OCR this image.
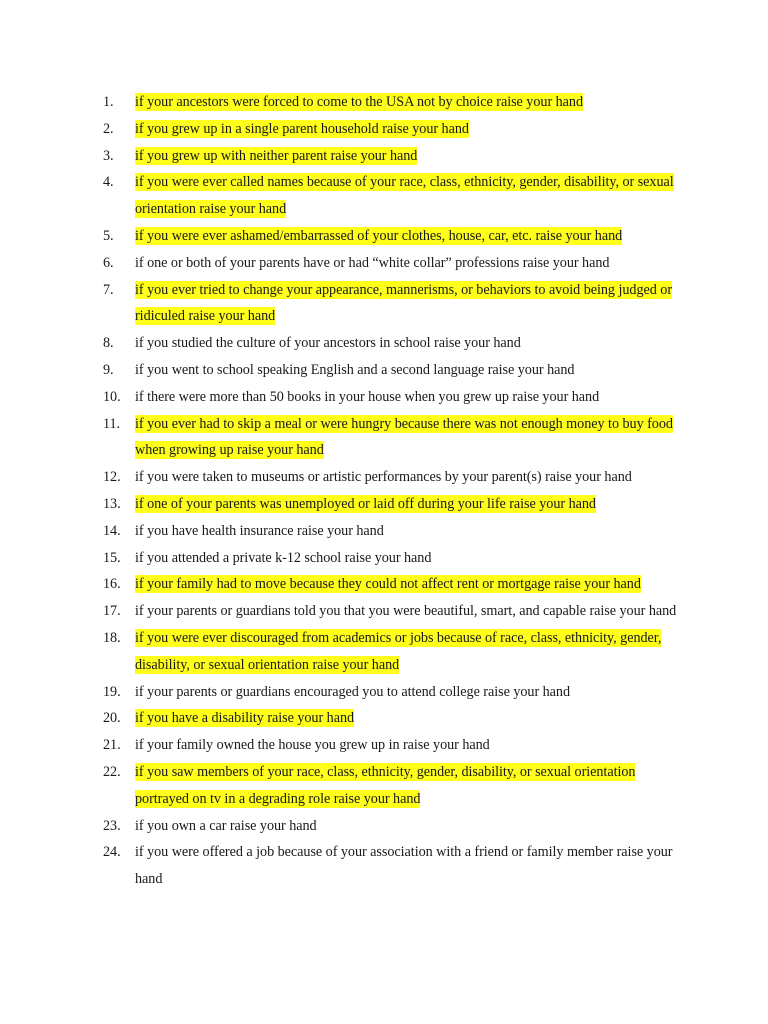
1.	if your ancestors were forced to come to the USA not by choice raise your hand
2.	if you grew up in a single parent household raise your hand
3.	if you grew up with neither parent raise your hand
4.	if you were ever called names because of your race, class, ethnicity, gender, disability, or sexual orientation raise your hand
5.	if you were ever ashamed/embarrassed of your clothes, house, car, etc. raise your hand
6.	if one or both of your parents have or had “white collar” professions raise your hand
7.	if you ever tried to change your appearance, mannerisms, or behaviors to avoid being judged or ridiculed raise your hand
8.	if you studied the culture of your ancestors in school raise your hand
9.	if you went to school speaking English and a second language raise your hand
10.	if there were more than 50 books in your house when you grew up raise your hand
11.	if you ever had to skip a meal or were hungry because there was not enough money to buy food when growing up raise your hand
12.	if you were taken to museums or artistic performances by your parent(s) raise your hand
13.	if one of your parents was unemployed or laid off during your life raise your hand
14.	if you have health insurance raise your hand
15.	if you attended a private k-12 school raise your hand
16.	if your family had to move because they could not affect rent or mortgage raise your hand
17.	if your parents or guardians told you that you were beautiful, smart, and capable raise your hand
18.	if you were ever discouraged from academics or jobs because of race, class, ethnicity, gender, disability, or sexual orientation raise your hand
19.	if your parents or guardians encouraged you to attend college raise your hand
20.	if you have a disability raise your hand
21.	if your family owned the house you grew up in raise your hand
22.	if you saw members of your race, class, ethnicity, gender, disability, or sexual orientation portrayed on tv in a degrading role raise your hand
23.	if you own a car raise your hand
24.	if you were offered a job because of your association with a friend or family member raise your hand
